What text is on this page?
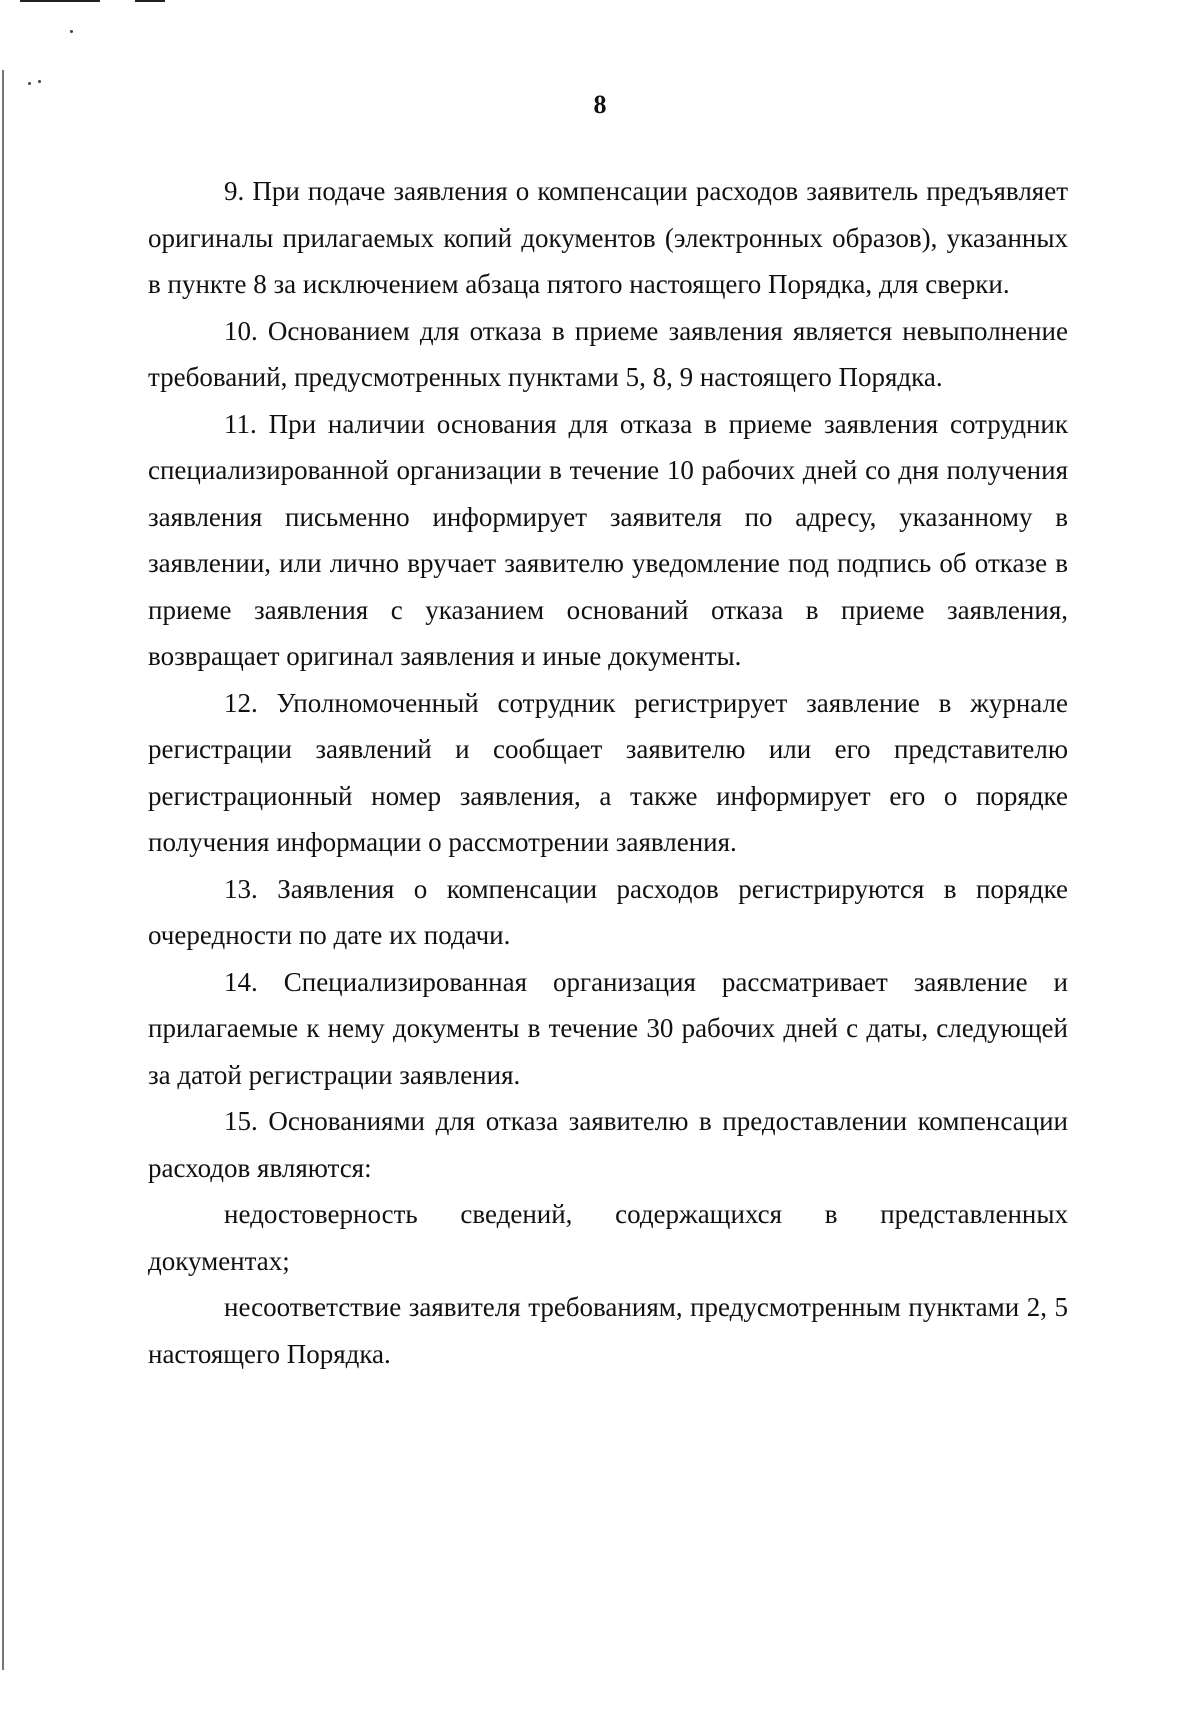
8

9. При подаче заявления о компенсации расходов заявитель предъявляет оригиналы прилагаемых копий документов (электронных образов), указанных в пункте 8 за исключением абзаца пятого настоящего Порядка, для сверки.

10. Основанием для отказа в приеме заявления является невыполнение требований, предусмотренных пунктами 5, 8, 9 настоящего Порядка.

11. При наличии основания для отказа в приеме заявления сотрудник специализированной организации в течение 10 рабочих дней со дня получения заявления письменно информирует заявителя по адресу, указанному в заявлении, или лично вручает заявителю уведомление под подпись об отказе в приеме заявления с указанием оснований отказа в приеме заявления, возвращает оригинал заявления и иные документы.

12. Уполномоченный сотрудник регистрирует заявление в журнале регистрации заявлений и сообщает заявителю или его представителю регистрационный номер заявления, а также информирует его о порядке получения информации о рассмотрении заявления.

13. Заявления о компенсации расходов регистрируются в порядке очередности по дате их подачи.

14. Специализированная организация рассматривает заявление и прилагаемые к нему документы в течение 30 рабочих дней с даты, следующей за датой регистрации заявления.

15. Основаниями для отказа заявителю в предоставлении компенсации расходов являются:

недостоверность сведений, содержащихся в представленных документах;

несоответствие заявителя требованиям, предусмотренным пунктами 2, 5 настоящего Порядка.
